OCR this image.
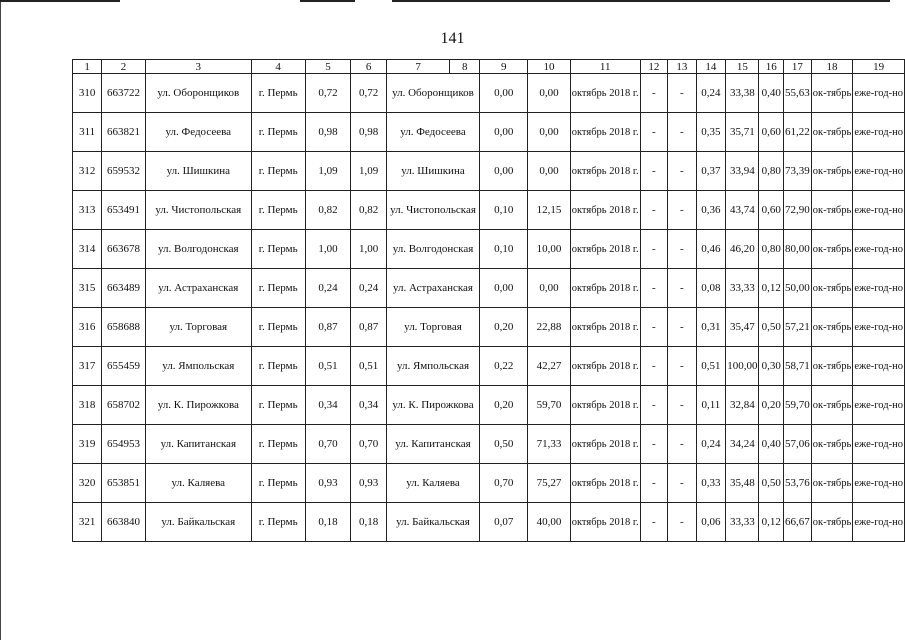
141
1	2	3	4	5	6	7	8	9	10	11	12	13	14	15	16	17	18	19
310	663722	ул. Оборонщиков	г. Пермь	0,72	0,72	ул. Оборонщиков		0,00	0,00	октябрь 2018 г.	-	-	0,24	33,38	0,40	55,63	ок-тябрь	еже-год-но
311	663821	ул. Федосеева	г. Пермь	0,98	0,98	ул. Федосеева		0,00	0,00	октябрь 2018 г.	-	-	0,35	35,71	0,60	61,22	ок-тябрь	еже-год-но
312	659532	ул. Шишкина	г. Пермь	1,09	1,09	ул. Шишкина		0,00	0,00	октябрь 2018 г.	-	-	0,37	33,94	0,80	73,39	ок-тябрь	еже-год-но
313	653491	ул. Чистопольская	г. Пермь	0,82	0,82	ул. Чистопольская		0,10	12,15	октябрь 2018 г.	-	-	0,36	43,74	0,60	72,90	ок-тябрь	еже-год-но
314	663678	ул. Волгодонская	г. Пермь	1,00	1,00	ул. Волгодонская		0,10	10,00	октябрь 2018 г.	-	-	0,46	46,20	0,80	80,00	ок-тябрь	еже-год-но
315	663489	ул. Астраханская	г. Пермь	0,24	0,24	ул. Астраханская		0,00	0,00	октябрь 2018 г.	-	-	0,08	33,33	0,12	50,00	ок-тябрь	еже-год-но
316	658688	ул. Торговая	г. Пермь	0,87	0,87	ул. Торговая		0,20	22,88	октябрь 2018 г.	-	-	0,31	35,47	0,50	57,21	ок-тябрь	еже-год-но
317	655459	ул. Ямпольская	г. Пермь	0,51	0,51	ул. Ямпольская		0,22	42,27	октябрь 2018 г.	-	-	0,51	100,00	0,30	58,71	ок-тябрь	еже-год-но
318	658702	ул. К. Пирожкова	г. Пермь	0,34	0,34	ул. К. Пирожкова		0,20	59,70	октябрь 2018 г.	-	-	0,11	32,84	0,20	59,70	ок-тябрь	еже-год-но
319	654953	ул. Капитанская	г. Пермь	0,70	0,70	ул. Капитанская		0,50	71,33	октябрь 2018 г.	-	-	0,24	34,24	0,40	57,06	ок-тябрь	еже-год-но
320	653851	ул. Каляева	г. Пермь	0,93	0,93	ул. Каляева		0,70	75,27	октябрь 2018 г.	-	-	0,33	35,48	0,50	53,76	ок-тябрь	еже-год-но
321	663840	ул. Байкальская	г. Пермь	0,18	0,18	ул. Байкальская		0,07	40,00	октябрь 2018 г.	-	-	0,06	33,33	0,12	66,67	ок-тябрь	еже-год-но
